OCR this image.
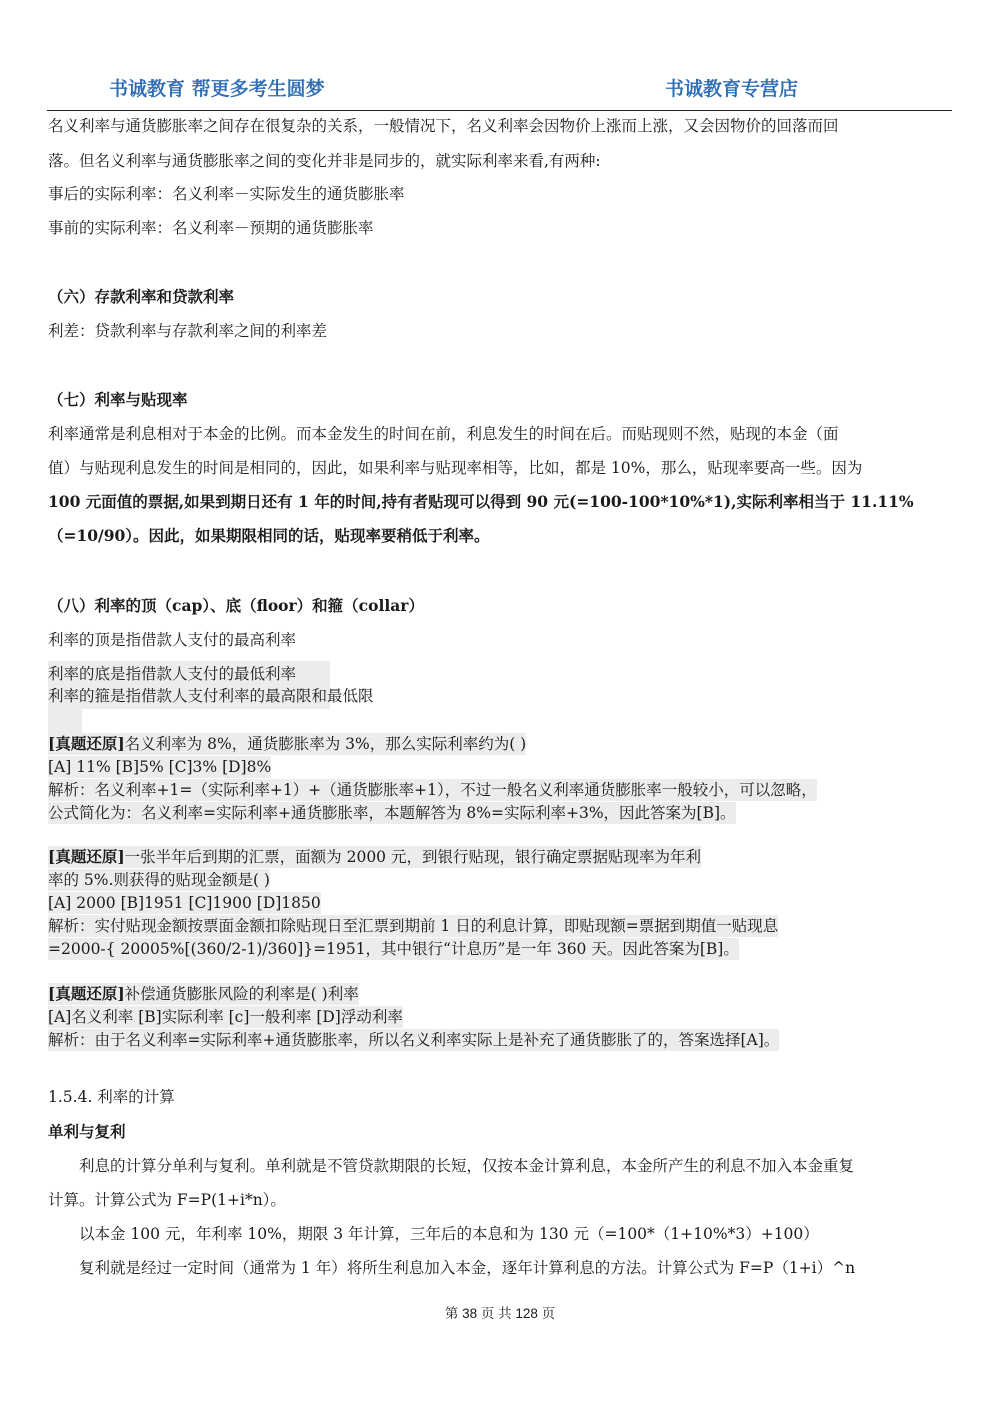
书诚教育 帮更多考生圆梦	书诚教育专营店
名义利率与通货膨胀率之间存在很复杂的关系，一般情况下，名义利率会因物价上涨而上涨，又会因物价的回落而回
落。但名义利率与通货膨胀率之间的变化并非是同步的，就实际利率来看,有两种:
事后的实际利率：名义利率－实际发生的通货膨胀率
事前的实际利率：名义利率－预期的通货膨胀率
（六）存款利率和贷款利率
利差：贷款利率与存款利率之间的利率差
（七）利率与贴现率
利率通常是利息相对于本金的比例。而本金发生的时间在前，利息发生的时间在后。而贴现则不然，贴现的本金（面
值）与贴现利息发生的时间是相同的，因此，如果利率与贴现率相等，比如，都是 10%，那么，贴现率要高一些。因为
100 元面值的票据,如果到期日还有 1 年的时间,持有者贴现可以得到 90 元(=100-100*10%*1),实际利率相当于 11.11%
（=10/90）。因此，如果期限相同的话，贴现率要稍低于利率。
（八）利率的顶（cap）、底（floor）和箍（collar）
利率的顶是指借款人支付的最高利率
利率的底是指借款人支付的最低利率
利率的箍是指借款人支付利率的最高限和最低限
[真题还原]名义利率为 8%，通货膨胀率为 3%，那么实际利率约为( )
[A] 11% [B]5% [C]3% [D]8%
解析：名义利率+1=（实际利率+1）+（通货膨胀率+1），不过一般名义利率通货膨胀率一般较小，可以忽略，
公式简化为：名义利率=实际利率+通货膨胀率，本题解答为 8%=实际利率+3%，因此答案为[B]。
[真题还原]一张半年后到期的汇票，面额为 2000 元，到银行贴现，银行确定票据贴现率为年利
率的 5%.则获得的贴现金额是( )
[A] 2000 [B]1951 [C]1900 [D]1850
解析：实付贴现金额按票面金额扣除贴现日至汇票到期前 1 日的利息计算，即贴现额=票据到期值一贴现息
=2000-{ 20005%[(360/2-1)/360]}=1951，其中银行“计息历”是一年 360 天。因此答案为[B]。
[真题还原]补偿通货膨胀风险的利率是( )利率
[A]名义利率 [B]实际利率 [c]一般利率 [D]浮动利率
解析：由于名义利率=实际利率+通货膨胀率，所以名义利率实际上是补充了通货膨胀了的，答案选择[A]。
1.5.4. 利率的计算
单利与复利
利息的计算分单利与复利。单利就是不管贷款期限的长短，仅按本金计算利息，本金所产生的利息不加入本金重复
计算。计算公式为 F=P(1+i*n）。
以本金 100 元，年利率 10%，期限 3 年计算，三年后的本息和为 130 元（=100*（1+10%*3）+100）
复利就是经过一定时间（通常为 1 年）将所生利息加入本金，逐年计算利息的方法。计算公式为 F=P（1+i）^n
第 38 页 共 128 页
